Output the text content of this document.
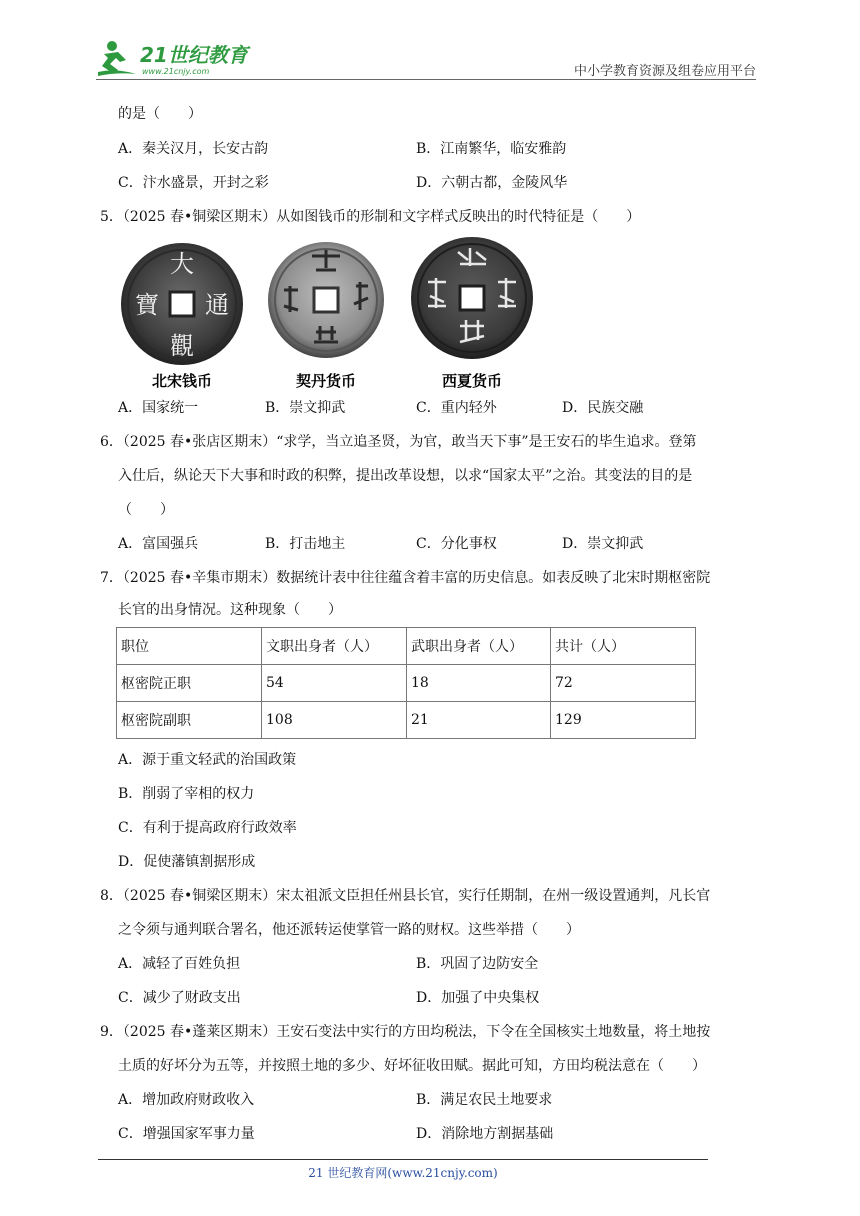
21世纪教育
www.21cnjy.com	中小学教育资源及组卷应用平台
的是（　　）
A．秦关汉月，长安古韵	B．江南繁华，临安雅韵
C．汴水盛景，开封之彩	D．六朝古都，金陵风华
5．（2025 春•铜梁区期末）从如图钱币的形制和文字样式反映出的时代特征是（　　）
大
通
觀
寶
北宋钱币	契丹货币	西夏货币
A．国家统一	B．崇文抑武	C．重内轻外	D．民族交融
6．（2025 春•张店区期末）“求学，当立追圣贤，为官，敢当天下事”是王安石的毕生追求。登第
入仕后，纵论天下大事和时政的积弊，提出改革设想，以求“国家太平”之治。其变法的目的是
（　　）
A．富国强兵	B．打击地主	C．分化事权	D．崇文抑武
7．（2025 春•辛集市期末）数据统计表中往往蕴含着丰富的历史信息。如表反映了北宋时期枢密院
长官的出身情况。这种现象（　　）
职位	文职出身者（人）	武职出身者（人）	共计（人）
枢密院正职	54	18	72
枢密院副职	108	21	129
A．源于重文轻武的治国政策
B．削弱了宰相的权力
C．有利于提高政府行政效率
D．促使藩镇割据形成
8．（2025 春•铜梁区期末）宋太祖派文臣担任州县长官，实行任期制，在州一级设置通判，凡长官
之令须与通判联合署名，他还派转运使掌管一路的财权。这些举措（　　）
A．减轻了百姓负担	B．巩固了边防安全
C．减少了财政支出	D．加强了中央集权
9．（2025 春•蓬莱区期末）王安石变法中实行的方田均税法，下令在全国核实土地数量，将土地按
土质的好坏分为五等，并按照土地的多少、好坏征收田赋。据此可知，方田均税法意在（　　）
A．增加政府财政收入	B．满足农民土地要求
C．增强国家军事力量	D．消除地方割据基础
21 世纪教育网(www.21cnjy.com)
